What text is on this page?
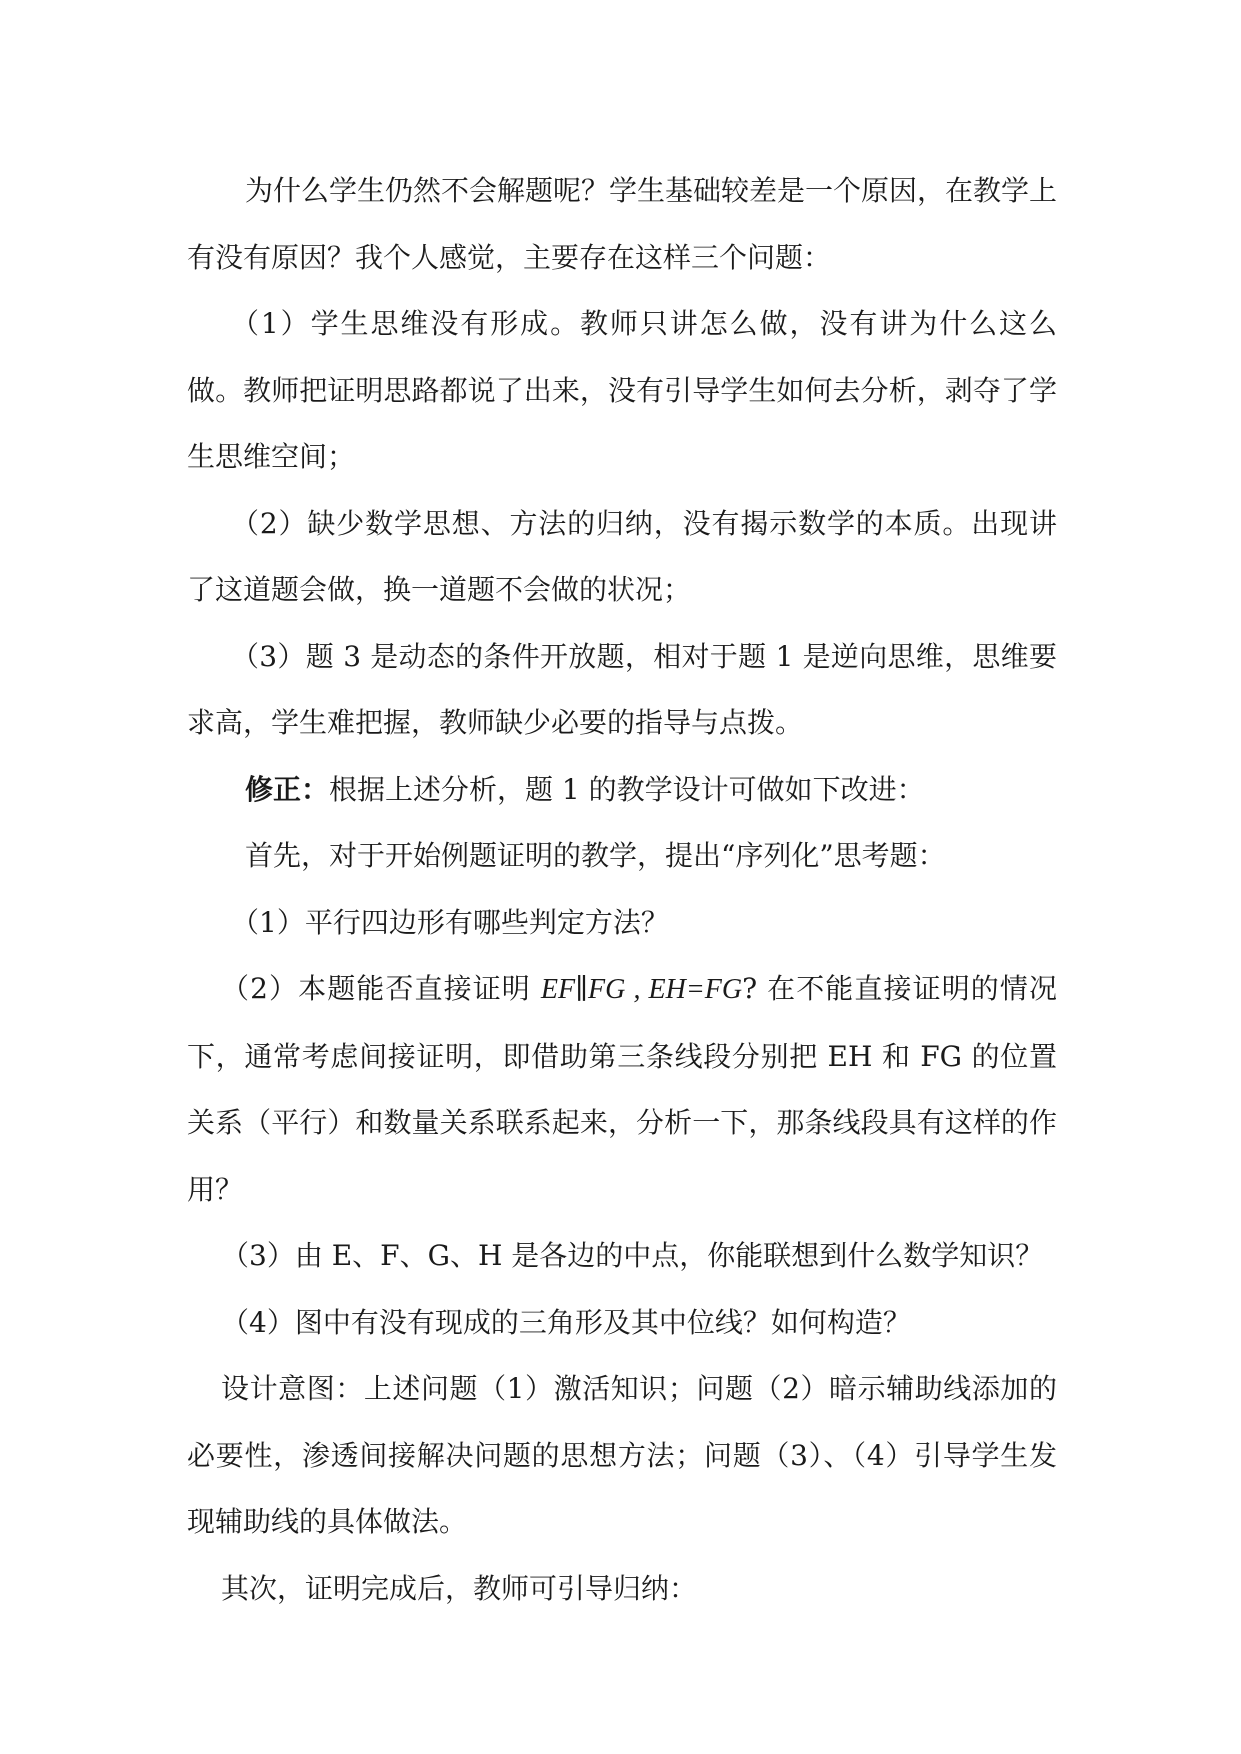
为什么学生仍然不会解题呢？学生基础较差是一个原因，在教学上有没有原因？我个人感觉，主要存在这样三个问题：

（1）学生思维没有形成。教师只讲怎么做，没有讲为什么这么做。教师把证明思路都说了出来，没有引导学生如何去分析，剥夺了学生思维空间；

（2）缺少数学思想、方法的归纳，没有揭示数学的本质。出现讲了这道题会做，换一道题不会做的状况；

（3）题 3 是动态的条件开放题，相对于题 1 是逆向思维，思维要求高，学生难把握，教师缺少必要的指导与点拨。

修正：根据上述分析，题 1 的教学设计可做如下改进：

首先，对于开始例题证明的教学，提出“序列化”思考题：

（1）平行四边形有哪些判定方法？

（2）本题能否直接证明 EF∥FG , EH=FG? 在不能直接证明的情况下，通常考虑间接证明，即借助第三条线段分别把 EH 和 FG 的位置关系（平行）和数量关系联系起来，分析一下，那条线段具有这样的作用？

（3）由 E、F、G、H 是各边的中点，你能联想到什么数学知识？

（4）图中有没有现成的三角形及其中位线？如何构造？

设计意图：上述问题（1）激活知识；问题（2）暗示辅助线添加的必要性，渗透间接解决问题的思想方法；问题（3）、（4）引导学生发现辅助线的具体做法。

其次，证明完成后，教师可引导归纳：
